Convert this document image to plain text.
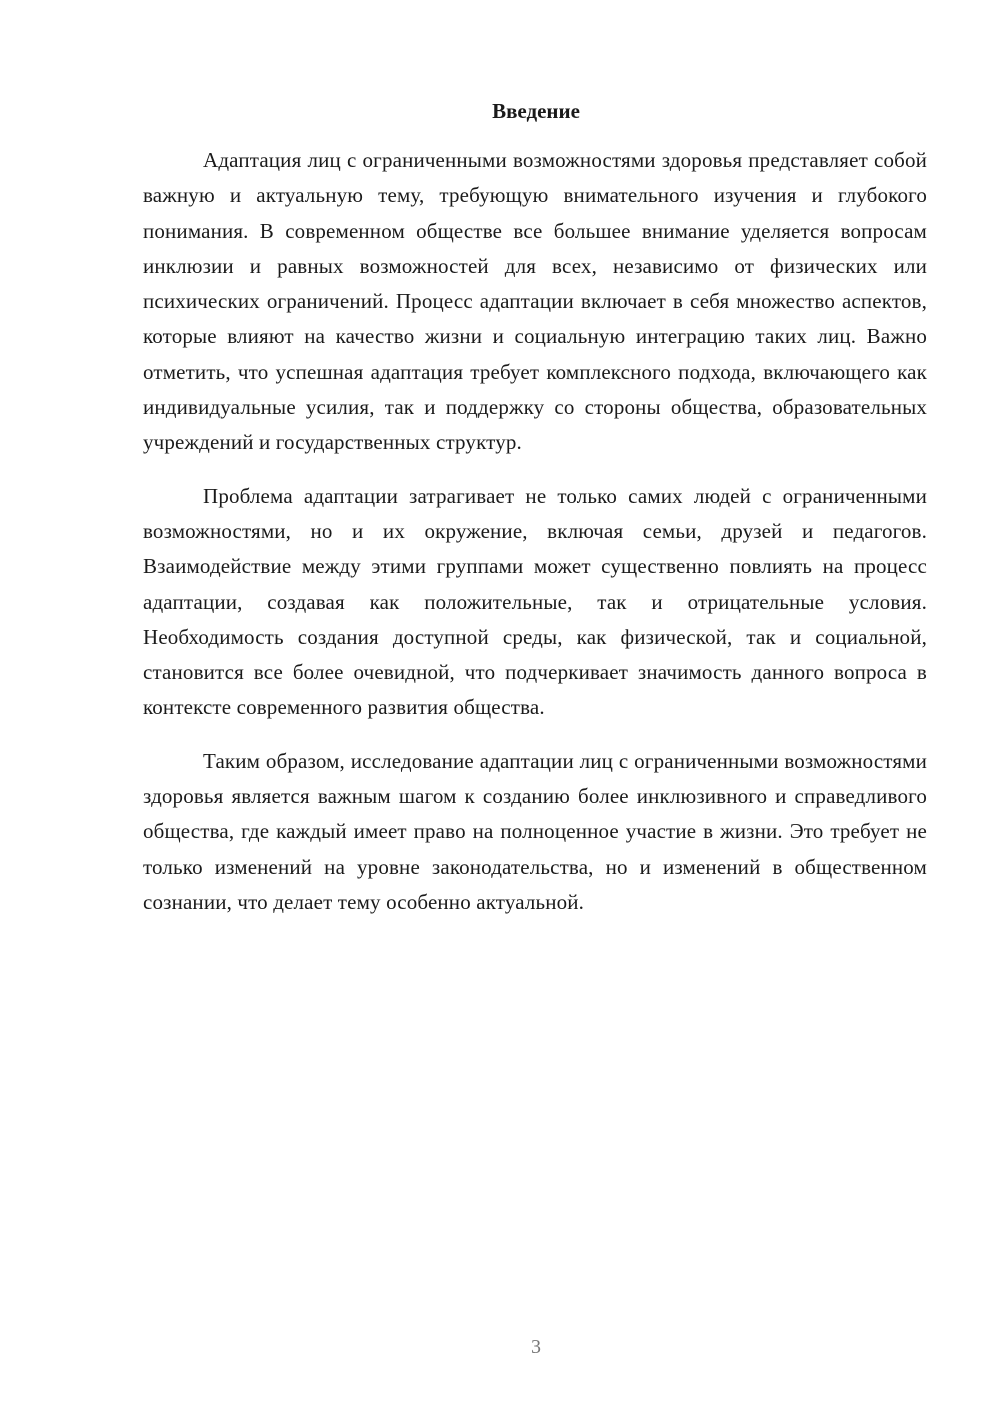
Введение

Адаптация лиц с ограниченными возможностями здоровья представляет собой важную и актуальную тему, требующую внимательного изучения и глубокого понимания. В современном обществе все большее внимание уделяется вопросам инклюзии и равных возможностей для всех, независимо от физических или психических ограничений. Процесс адаптации включает в себя множество аспектов, которые влияют на качество жизни и социальную интеграцию таких лиц. Важно отметить, что успешная адаптация требует комплексного подхода, включающего как индивидуальные усилия, так и поддержку со стороны общества, образовательных учреждений и государственных структур.

Проблема адаптации затрагивает не только самих людей с ограниченными возможностями, но и их окружение, включая семьи, друзей и педагогов. Взаимодействие между этими группами может существенно повлиять на процесс адаптации, создавая как положительные, так и отрицательные условия. Необходимость создания доступной среды, как физической, так и социальной, становится все более очевидной, что подчеркивает значимость данного вопроса в контексте современного развития общества.

Таким образом, исследование адаптации лиц с ограниченными возможностями здоровья является важным шагом к созданию более инклюзивного и справедливого общества, где каждый имеет право на полноценное участие в жизни. Это требует не только изменений на уровне законодательства, но и изменений в общественном сознании, что делает тему особенно актуальной.

3
